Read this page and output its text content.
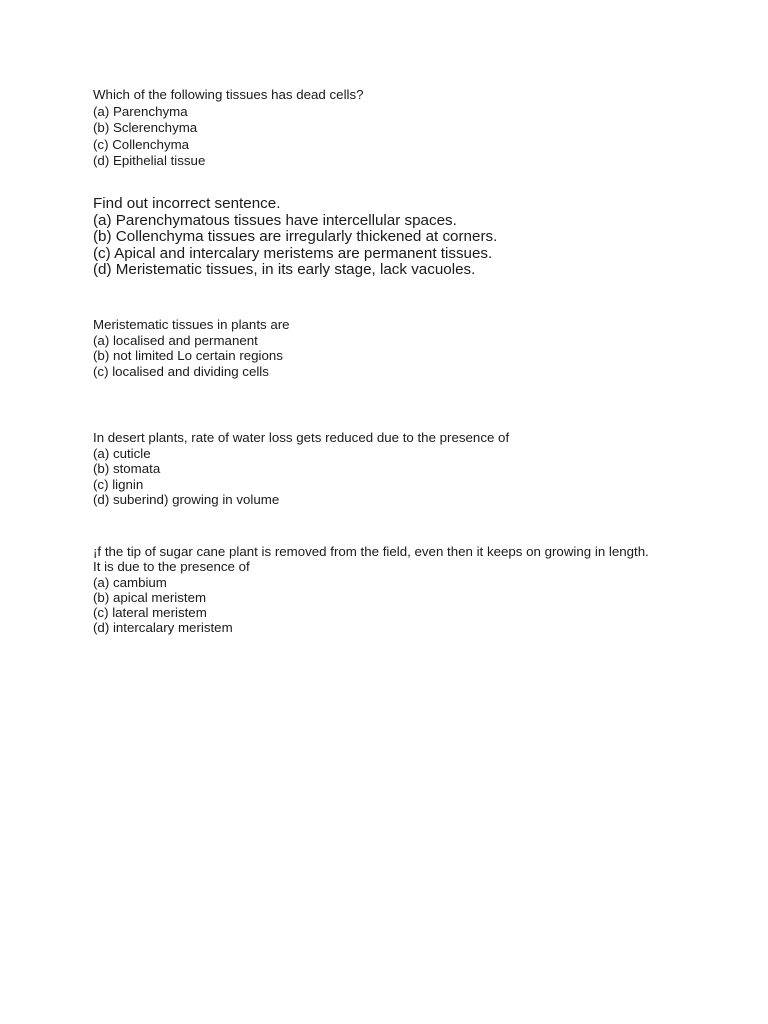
Which of the following tissues has dead cells?
(a) Parenchyma
(b) Sclerenchyma
(c) Collenchyma
(d) Epithelial tissue
Find out incorrect sentence.
(a) Parenchymatous tissues have intercellular spaces.
(b) Collenchyma tissues are irregularly thickened at corners.
(c) Apical and intercalary meristems are permanent tissues.
(d) Meristematic tissues, in its early stage, lack vacuoles.
Meristematic tissues in plants are
(a) localised and permanent
(b) not limited Lo certain regions
(c) localised and dividing cells
In desert plants, rate of water loss gets reduced due to the presence of
(a) cuticle
(b) stomata
(c) lignin
(d) suberind) growing in volume
¡f the tip of sugar cane plant is removed from the field, even then it keeps on growing in length. It is due to the presence of
(a) cambium
(b) apical meristem
(c) lateral meristem
(d) intercalary meristem
